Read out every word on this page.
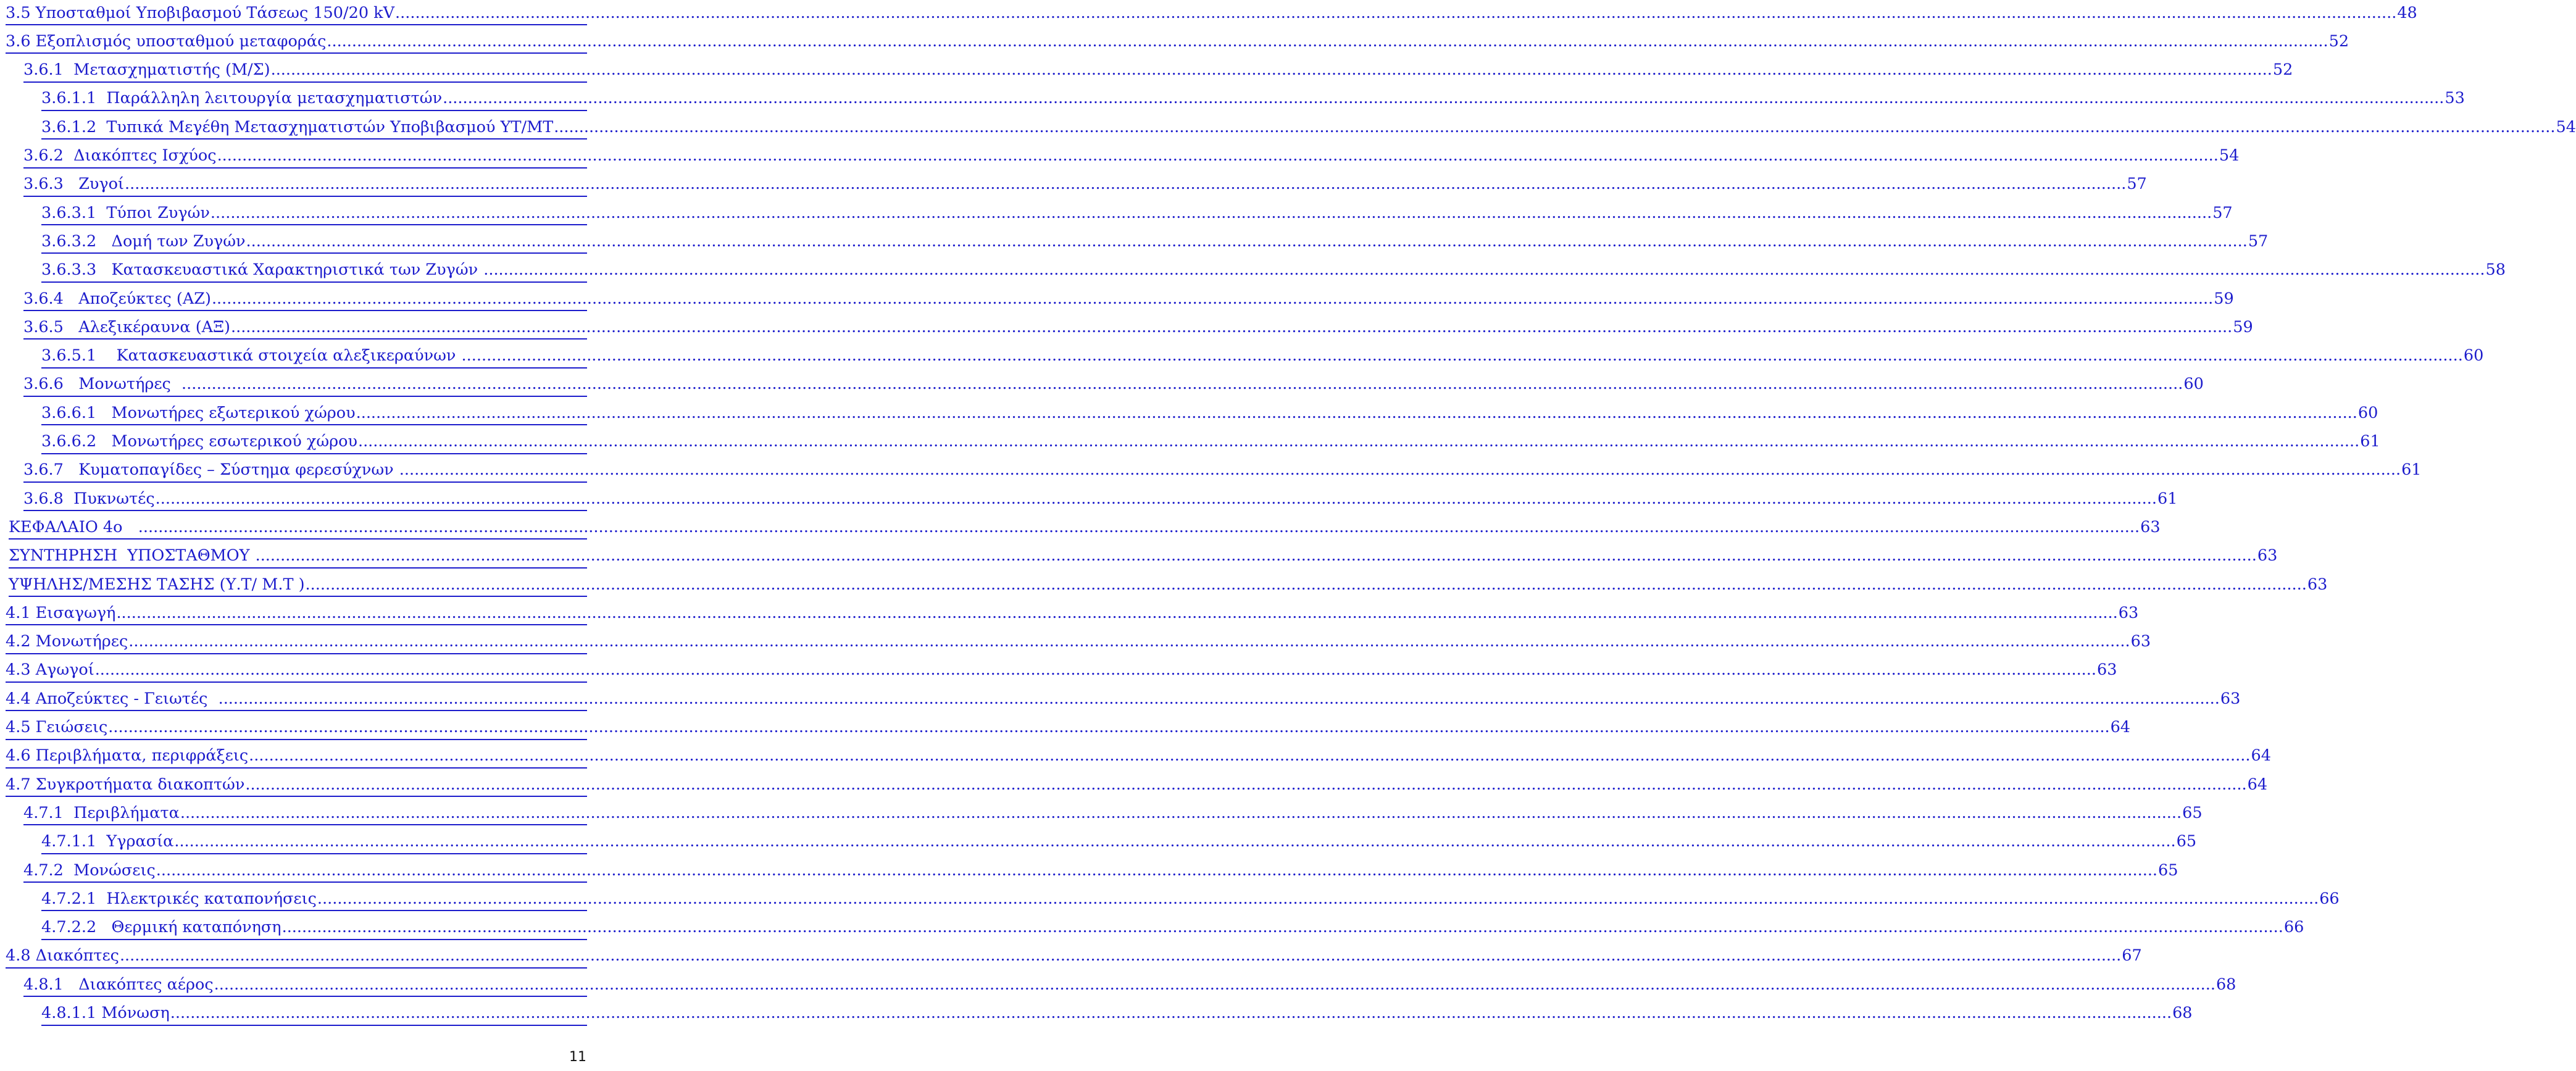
3.5 Υποσταθμοί Υποβιβασμού Τάσεως 150/20 kV ................................................................................................................................................................................................................................................................................................................................................................................................................ 48
3.6 Εξοπλισμός υποσταθμού μεταφοράς ................................................................................................................................................................................................................................................................................................................................................................................................................ 52
3.6.1  Μετασχηματιστής (Μ/Σ) ................................................................................................................................................................................................................................................................................................................................................................................................................ 52
3.6.1.1  Παράλληλη λειτουργία μετασχηματιστών ................................................................................................................................................................................................................................................................................................................................................................................................................ 53
3.6.1.2  Τυπικά Μεγέθη Μετασχηματιστών Υποβιβασμού ΥΤ/ΜΤ ................................................................................................................................................................................................................................................................................................................................................................................................................ 54
3.6.2  Διακόπτες Ισχύος ................................................................................................................................................................................................................................................................................................................................................................................................................ 54
3.6.3   Ζυγοί ................................................................................................................................................................................................................................................................................................................................................................................................................ 57
3.6.3.1  Τύποι Ζυγών ................................................................................................................................................................................................................................................................................................................................................................................................................ 57
3.6.3.2   Δομή των Ζυγών ................................................................................................................................................................................................................................................................................................................................................................................................................ 57
3.6.3.3   Κατασκευαστικά Χαρακτηριστικά των Ζυγών ................................................................................................................................................................................................................................................................................................................................................................................................................ 58
3.6.4   Αποζεύκτες (ΑΖ) ................................................................................................................................................................................................................................................................................................................................................................................................................ 59
3.6.5   Αλεξικέραυνα (ΑΞ) ................................................................................................................................................................................................................................................................................................................................................................................................................ 59
3.6.5.1    Κατασκευαστικά στοιχεία αλεξικεραύνων ................................................................................................................................................................................................................................................................................................................................................................................................................ 60
3.6.6   Μονωτήρες ................................................................................................................................................................................................................................................................................................................................................................................................................ 60
3.6.6.1   Μονωτήρες εξωτερικού χώρου ................................................................................................................................................................................................................................................................................................................................................................................................................ 60
3.6.6.2   Μονωτήρες εσωτερικού χώρου ................................................................................................................................................................................................................................................................................................................................................................................................................ 61
3.6.7   Κυματοπαγίδες – Σύστημα φερεσύχνων ................................................................................................................................................................................................................................................................................................................................................................................................................ 61
3.6.8  Πυκνωτές ................................................................................................................................................................................................................................................................................................................................................................................................................ 61
ΚΕΦΑΛΑΙΟ 4ο ................................................................................................................................................................................................................................................................................................................................................................................................................ 63
ΣΥΝΤΗΡΗΣΗ  ΥΠΟΣΤΑΘΜΟΥ ................................................................................................................................................................................................................................................................................................................................................................................................................ 63
ΥΨΗΛΗΣ/ΜΕΣΗΣ ΤΑΣΗΣ (Υ.Τ/ Μ.Τ ) ................................................................................................................................................................................................................................................................................................................................................................................................................ 63
4.1 Εισαγωγή ................................................................................................................................................................................................................................................................................................................................................................................................................ 63
4.2 Μονωτήρες ................................................................................................................................................................................................................................................................................................................................................................................................................ 63
4.3 Αγωγοί ................................................................................................................................................................................................................................................................................................................................................................................................................ 63
4.4 Αποζεύκτες - Γειωτές ................................................................................................................................................................................................................................................................................................................................................................................................................ 63
4.5 Γειώσεις ................................................................................................................................................................................................................................................................................................................................................................................................................ 64
4.6 Περιβλήματα, περιφράξεις ................................................................................................................................................................................................................................................................................................................................................................................................................ 64
4.7 Συγκροτήματα διακοπτών ................................................................................................................................................................................................................................................................................................................................................................................................................ 64
4.7.1  Περιβλήματα ................................................................................................................................................................................................................................................................................................................................................................................................................ 65
4.7.1.1  Υγρασία ................................................................................................................................................................................................................................................................................................................................................................................................................ 65
4.7.2  Μονώσεις ................................................................................................................................................................................................................................................................................................................................................................................................................ 65
4.7.2.1  Ηλεκτρικές καταπονήσεις ................................................................................................................................................................................................................................................................................................................................................................................................................ 66
4.7.2.2   Θερμική καταπόνηση ................................................................................................................................................................................................................................................................................................................................................................................................................ 66
4.8 Διακόπτες ................................................................................................................................................................................................................................................................................................................................................................................................................ 67
4.8.1   Διακόπτες αέρος ................................................................................................................................................................................................................................................................................................................................................................................................................ 68
4.8.1.1 Μόνωση ................................................................................................................................................................................................................................................................................................................................................................................................................ 68
11
